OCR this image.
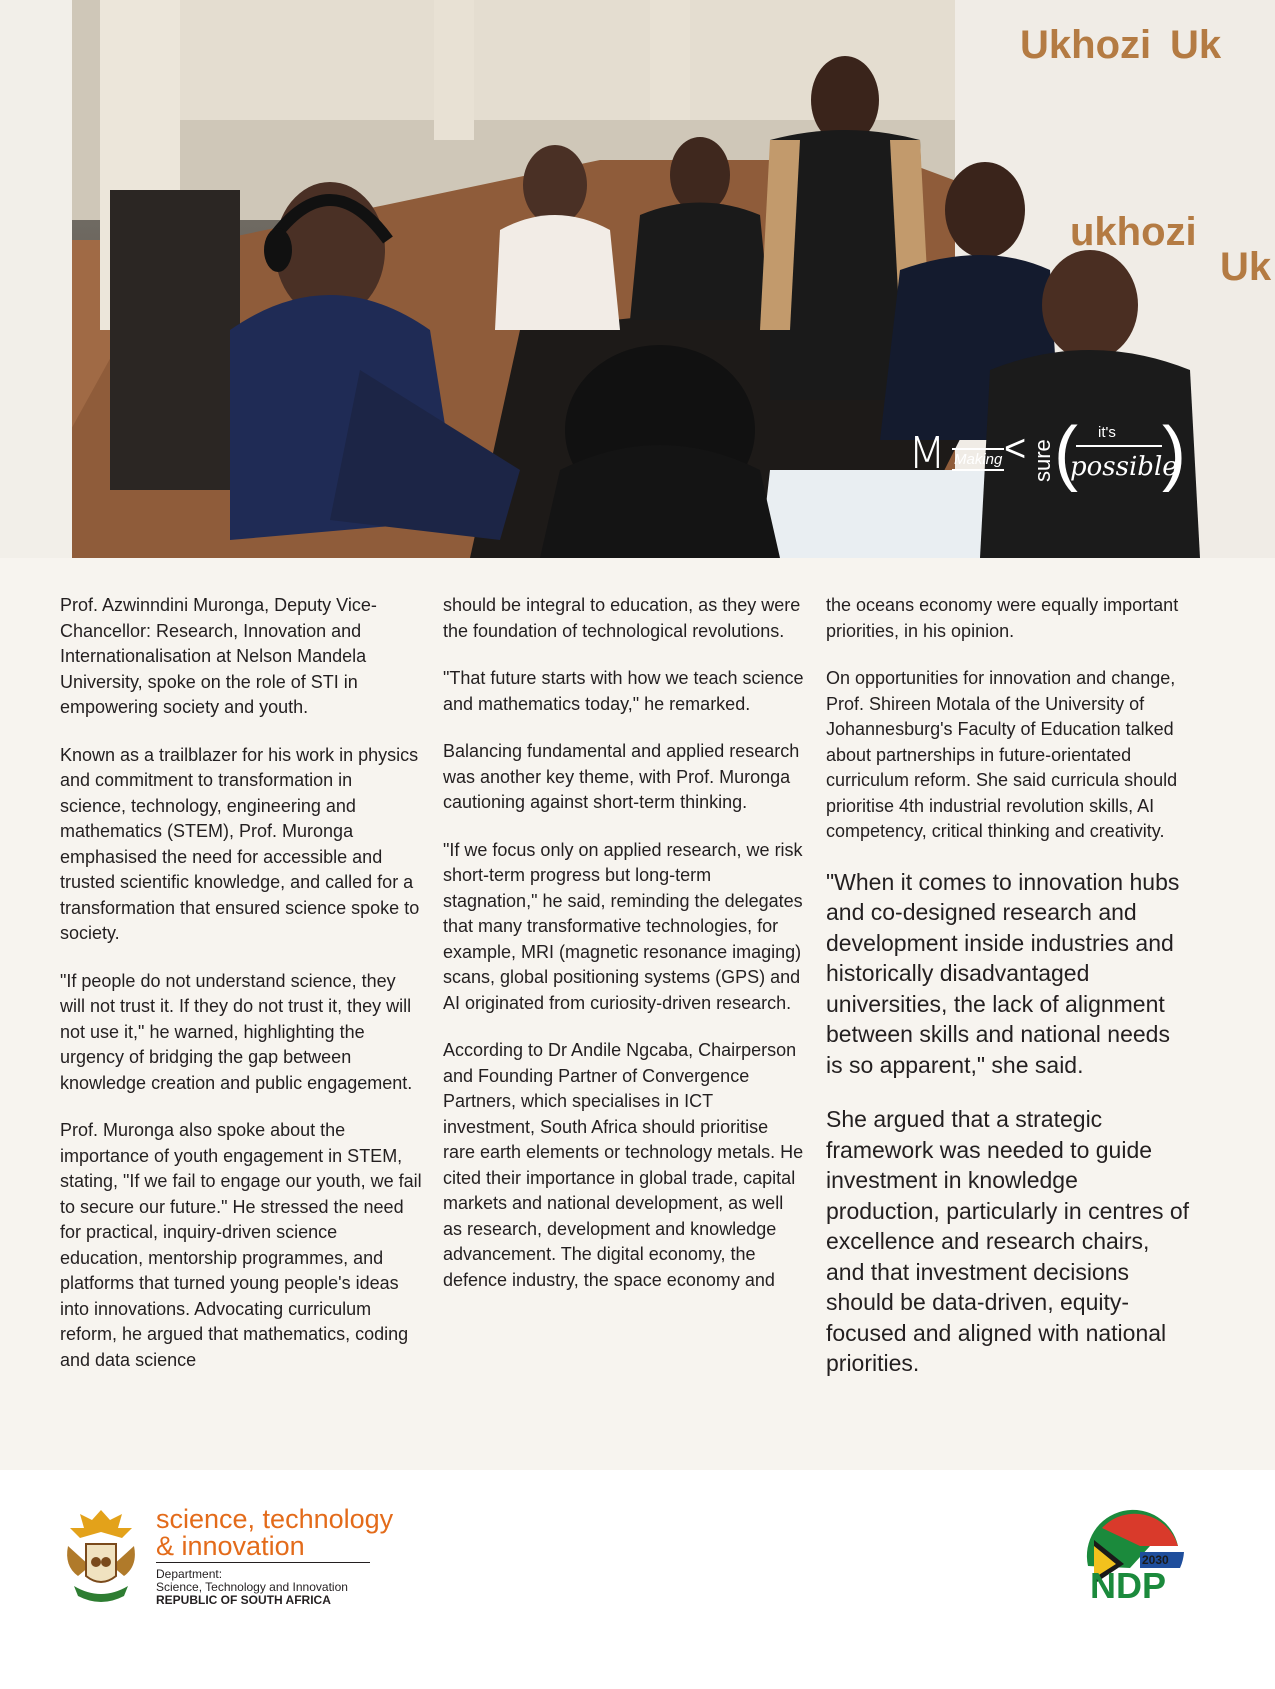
Ukhozi Uk
ukhozi
Uk
M Making < sure ( it's
possible
)

Prof. Azwinndini Muronga, Deputy Vice-Chancellor: Research, Innovation and Internationalisation at Nelson Mandela University, spoke on the role of STI in empowering society and youth.

Known as a trailblazer for his work in physics and commitment to transformation in science, technology, engineering and mathematics (STEM), Prof. Muronga emphasised the need for accessible and trusted scientific knowledge, and called for a transformation that ensured science spoke to society.

"If people do not understand science, they will not trust it. If they do not trust it, they will not use it," he warned, highlighting the urgency of bridging the gap between knowledge creation and public engagement.

Prof. Muronga also spoke about the importance of youth engagement in STEM, stating, "If we fail to engage our youth, we fail to secure our future." He stressed the need for practical, inquiry-driven science education, mentorship programmes, and platforms that turned young people's ideas into innovations. Advocating curriculum reform, he argued that mathematics, coding and data science

should be integral to education, as they were the foundation of technological revolutions.

"That future starts with how we teach science and mathematics today," he remarked.

Balancing fundamental and applied research was another key theme, with Prof. Muronga cautioning against short-term thinking.

"If we focus only on applied research, we risk short-term progress but long-term stagnation," he said, reminding the delegates that many transformative technologies, for example, MRI (magnetic resonance imaging) scans, global positioning systems (GPS) and AI originated from curiosity-driven research.

According to Dr Andile Ngcaba, Chairperson and Founding Partner of Convergence Partners, which specialises in ICT investment, South Africa should prioritise rare earth elements or technology metals. He cited their importance in global trade, capital markets and national development, as well as research, development and knowledge advancement. The digital economy, the defence industry, the space economy and

the oceans economy were equally important priorities, in his opinion.

On opportunities for innovation and change, Prof. Shireen Motala of the University of Johannesburg's Faculty of Education talked about partnerships in future-orientated curriculum reform. She said curricula should prioritise 4th industrial revolution skills, AI competency, critical thinking and creativity.

"When it comes to innovation hubs and co-designed research and development inside industries and historically disadvantaged universities, the lack of alignment between skills and national needs is so apparent," she said.

She argued that a strategic framework was needed to guide investment in knowledge production, particularly in centres of excellence and research chairs, and that investment decisions should be data-driven, equity-focused and aligned with national priorities.

science, technology
& innovation
Department:
Science, Technology and Innovation
REPUBLIC OF SOUTH AFRICA
2030
NDP
